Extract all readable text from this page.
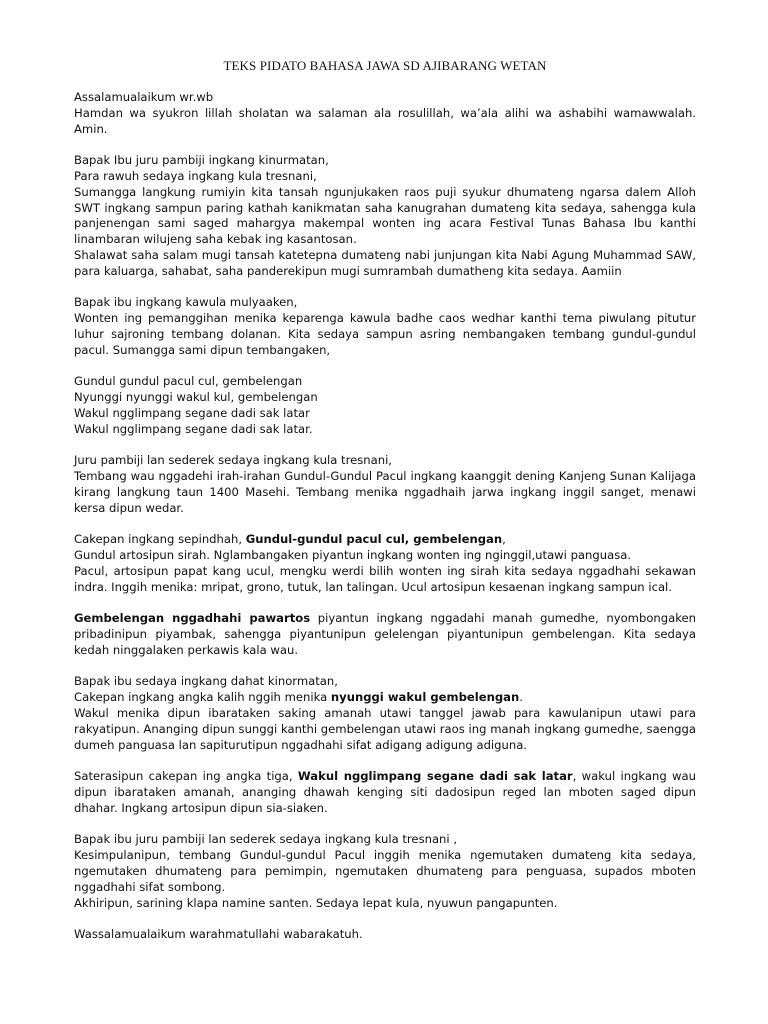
TEKS PIDATO BAHASA JAWA SD AJIBARANG WETAN

Assalamualaikum wr.wb

Hamdan wa syukron lillah sholatan wa salaman ala rosulillah, wa’ala alihi wa ashabihi wamawwalah. Amin.

Bapak Ibu juru pambiji ingkang kinurmatan,

Para rawuh sedaya ingkang kula tresnani,

Sumangga langkung rumiyin kita tansah ngunjukaken raos puji syukur dhumateng ngarsa dalem Alloh SWT ingkang sampun paring kathah kanikmatan saha kanugrahan dumateng kita sedaya, sahengga kula panjenengan sami saged mahargya makempal wonten ing acara Festival Tunas Bahasa Ibu kanthi linambaran wilujeng saha kebak ing kasantosan.

Shalawat saha salam mugi tansah katetepna dumateng nabi junjungan kita Nabi Agung Muhammad SAW, para kaluarga, sahabat, saha panderekipun mugi sumrambah dumatheng kita sedaya. Aamiin

Bapak ibu ingkang kawula mulyaaken,

Wonten ing pemanggihan menika keparenga kawula badhe caos wedhar kanthi tema piwulang pitutur luhur sajroning tembang dolanan. Kita sedaya sampun asring nembangaken tembang gundul-gundul pacul. Sumangga sami dipun tembangaken,

Gundul gundul pacul cul, gembelengan

Nyunggi nyunggi wakul kul, gembelengan

Wakul ngglimpang segane dadi sak latar

Wakul ngglimpang segane dadi sak latar.

Juru pambiji lan sederek sedaya ingkang kula tresnani,

Tembang wau nggadehi irah-irahan Gundul-Gundul Pacul ingkang kaanggit dening Kanjeng Sunan Kalijaga kirang langkung taun 1400 Masehi. Tembang menika nggadhaih jarwa ingkang inggil sanget, menawi kersa dipun wedar.

Cakepan ingkang sepindhah, Gundul-gundul pacul cul, gembelengan,

Gundul artosipun sirah. Nglambangaken piyantun ingkang wonten ing nginggil,utawi panguasa.

Pacul, artosipun papat kang ucul, mengku werdi bilih wonten ing sirah kita sedaya nggadhahi sekawan indra. Inggih menika: mripat, grono, tutuk, lan talingan. Ucul artosipun kesaenan ingkang sampun ical.

Gembelengan nggadhahi pawartos piyantun ingkang nggadahi manah gumedhe, nyombongaken pribadinipun piyambak, sahengga piyantunipun gelelengan piyantunipun gembelengan. Kita sedaya kedah ninggalaken perkawis kala wau.

Bapak ibu sedaya ingkang dahat kinormatan,

Cakepan ingkang angka kalih nggih menika nyunggi wakul gembelengan.

Wakul menika dipun ibarataken saking amanah utawi tanggel jawab para kawulanipun utawi para rakyatipun. Ananging dipun sunggi kanthi gembelengan utawi raos ing manah ingkang gumedhe, saengga dumeh panguasa lan sapiturutipun nggadhahi sifat adigang adigung adiguna.

Saterasipun cakepan ing angka tiga, Wakul ngglimpang segane dadi sak latar, wakul ingkang wau dipun ibarataken amanah, ananging dhawah kenging siti dadosipun reged lan mboten saged dipun dhahar. Ingkang artosipun dipun sia-siaken.

Bapak ibu juru pambiji lan sederek sedaya ingkang kula tresnani ,

Kesimpulanipun, tembang Gundul-gundul Pacul inggih menika ngemutaken dumateng kita sedaya, ngemutaken dhumateng para pemimpin, ngemutaken dhumateng para penguasa, supados mboten nggadhahi sifat sombong.

Akhiripun, sarining klapa namine santen. Sedaya lepat kula, nyuwun pangapunten.

Wassalamualaikum warahmatullahi wabarakatuh.
